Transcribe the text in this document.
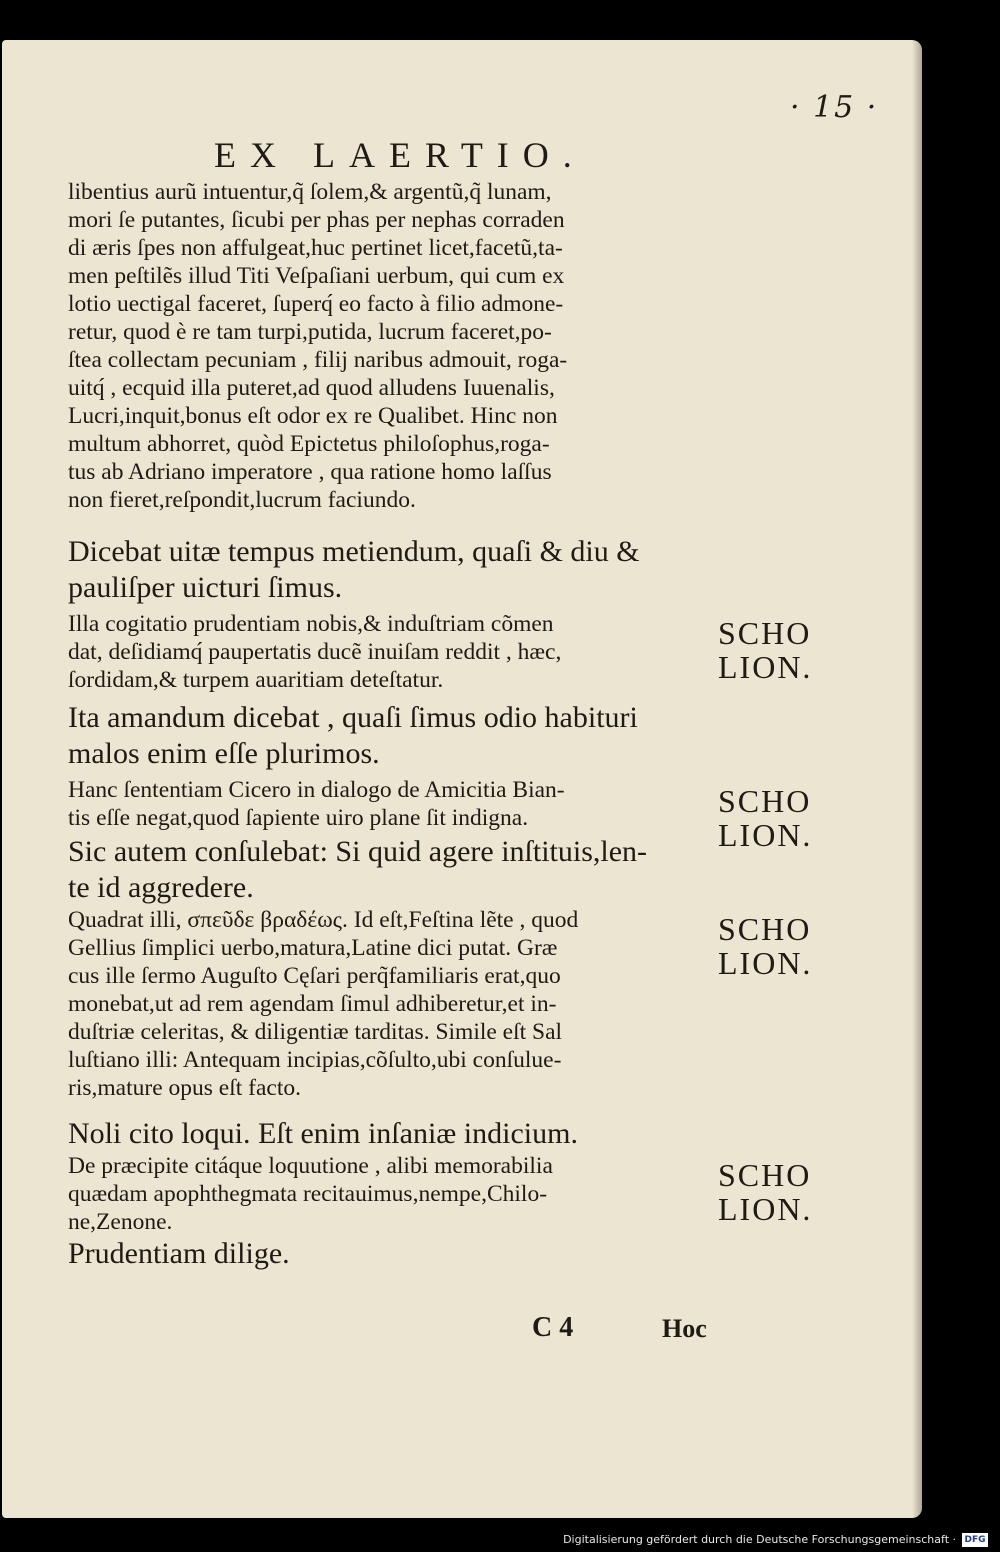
· 15 ·
EX LAERTIO.
libentius aurũ intuentur,q̃ ſolem,& argentũ,q̃ lunam,
mori ſe putantes, ſicubi per phas per nephas corraden
di æris ſpes non affulgeat,huc pertinet licet,facetũ,ta-
men peſtilẽs illud Titi Veſpaſiani uerbum, qui cum ex
lotio uectigal faceret, ſuperq́ eo facto à filio admone-
retur, quod è re tam turpi,putida, lucrum faceret,po-
ſtea collectam pecuniam , filij naribus admouit, roga-
uitq́ , ecquid illa puteret,ad quod alludens Iuuenalis,
Lucri,inquit,bonus eſt odor ex re Qualibet. Hinc non
multum abhorret, quòd Epictetus philoſophus,roga-
tus ab Adriano imperatore , qua ratione homo laſſus
non fieret,reſpondit,lucrum faciundo.
Dicebat uitæ tempus metiendum, quaſi & diu &
pauliſper uicturi ſimus.
Illa cogitatio prudentiam nobis,& induſtriam cõmen
dat, deſidiamq́ paupertatis ducẽ inuiſam reddit , hæc,
ſordidam,& turpem auaritiam deteſtatur.
SCHO
LION.
Ita amandum dicebat , quaſi ſimus odio habituri
malos enim eſſe plurimos.
Hanc ſententiam Cicero in dialogo de Amicitia Bian-
tis eſſe negat,quod ſapiente uiro plane ſit indigna.	SCHO
LION.
Sic autem conſulebat: Si quid agere inſtituis,len-
te id aggredere.
Quadrat illi, σπεῦδε βραδέως. Id eſt,Feſtina lẽte , quod
Gellius ſimplici uerbo,matura,Latine dici putat. Græ
cus ille ſermo Auguſto Cęſari perq̃familiaris erat,quo
monebat,ut ad rem agendam ſimul adhiberetur,et in-
duſtriæ celeritas, & diligentiæ tarditas. Simile eſt Sal
luſtiano illi: Antequam incipias,cõſulto,ubi conſulue-
ris,mature opus eſt facto.
SCHO
LION.
Noli cito loqui. Eſt enim inſaniæ indicium.
De præcipite citáque loquutione , alibi memorabilia
quædam apophthegmata recitauimus,nempe,Chilo-
ne,Zenone.
SCHO
LION.
Prudentiam dilige.
C 4	Hoc
Digitalisierung gefördert durch die Deutsche Forschungsgemeinschaft · DFG
